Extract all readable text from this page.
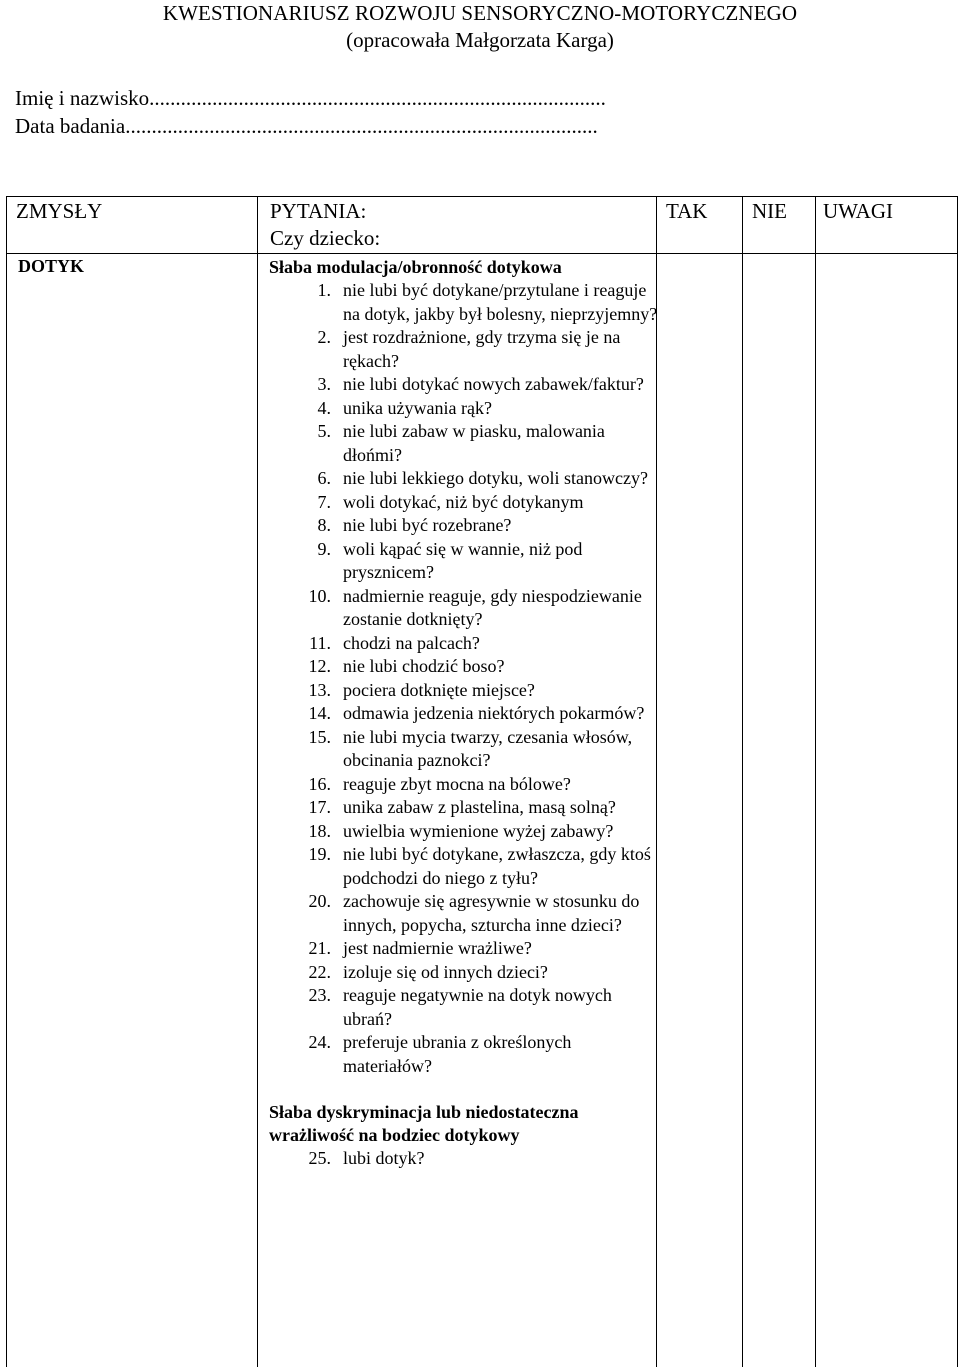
KWESTIONARIUSZ ROZWOJU SENSORYCZNO-MOTORYCZNEGO
(opracowała Małgorzata Karga)
Imię i nazwisko.......................................................................................
Data badania..........................................................................................
ZMYSŁY	PYTANIA:
Czy dziecko:
TAK NIE UWAGI
DOTYK	Słaba modulacja/obronność dotykowa
1. nie lubi być dotykane/przytulane i reaguje na dotyk, jakby był bolesny, nieprzyjemny?
2. jest rozdrażnione, gdy trzyma się je na rękach?
3. nie lubi dotykać nowych zabawek/faktur?
4. unika używania rąk?
5. nie lubi zabaw w piasku, malowania dłońmi?
6. nie lubi lekkiego dotyku, woli stanowczy?
7. woli dotykać, niż być dotykanym
8. nie lubi być rozebrane?
9. woli kąpać się w wannie, niż pod prysznicem?
10. nadmiernie reaguje, gdy niespodziewanie zostanie dotknięty?
11. chodzi na palcach?
12. nie lubi chodzić boso?
13. pociera dotknięte miejsce?
14. odmawia jedzenia niektórych pokarmów?
15. nie lubi mycia twarzy, czesania włosów, obcinania paznokci?
16. reaguje zbyt mocna na bólowe?
17. unika zabaw z plastelina, masą solną?
18. uwielbia wymienione wyżej zabawy?
19. nie lubi być dotykane, zwłaszcza, gdy ktoś podchodzi do niego z tyłu?
20. zachowuje się agresywnie w stosunku do innych, popycha, szturcha inne dzieci?
21. jest nadmiernie wrażliwe?
22. izoluje się od innych dzieci?
23. reaguje negatywnie na dotyk nowych ubrań?
24. preferuje ubrania z określonych materiałów?
Słaba dyskryminacja lub niedostateczna wrażliwość na bodziec dotykowy
25. lubi dotyk?
